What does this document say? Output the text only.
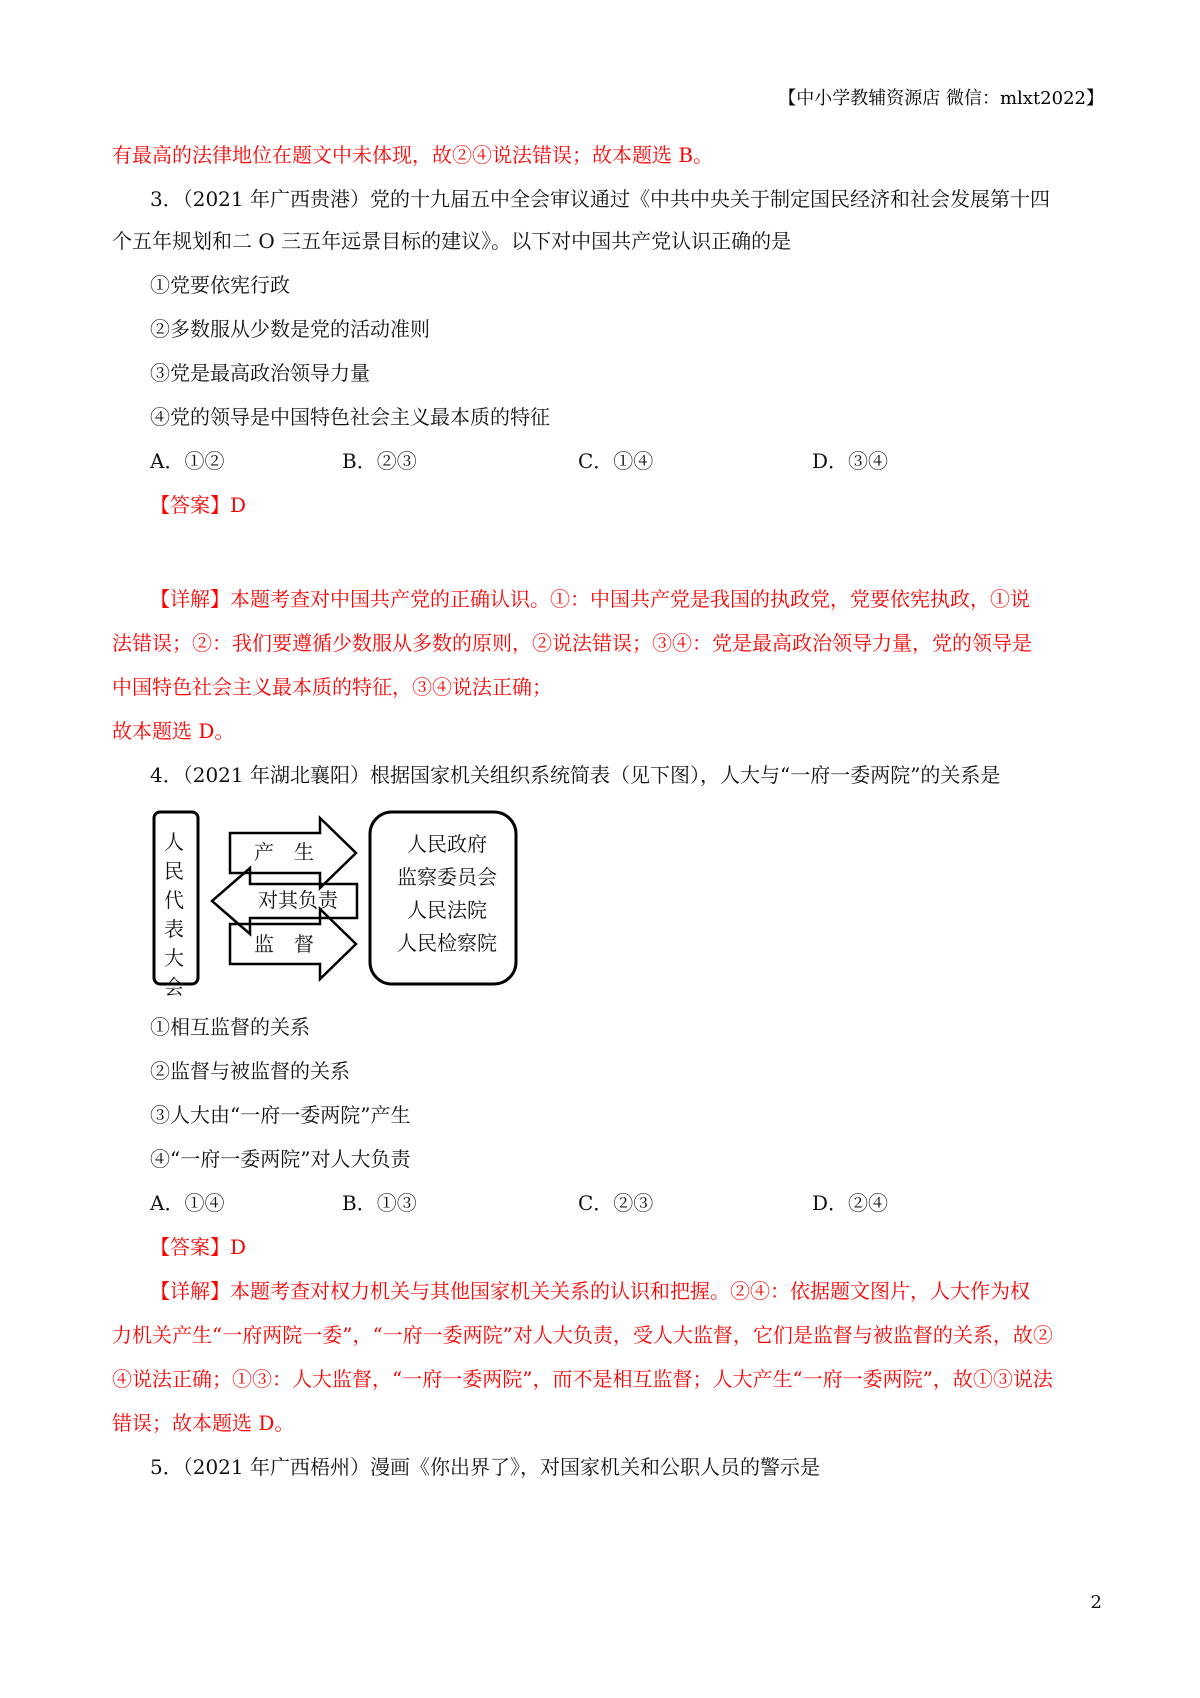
【中小学教辅资源店 微信：mlxt2022】
有最高的法律地位在题文中未体现，故②④说法错误；故本题选 B。
3．（2021 年广西贵港）党的十九届五中全会审议通过《中共中央关于制定国民经济和社会发展第十四
个五年规划和二 O 三五年远景目标的建议》。以下对中国共产党认识正确的是
①党要依宪行政
②多数服从少数是党的活动准则
③党是最高政治领导力量
④党的领导是中国特色社会主义最本质的特征
A．①②	B．②③	C．①④	D．③④
【答案】D
【详解】本题考查对中国共产党的正确认识。①：中国共产党是我国的执政党，党要依宪执政，①说
法错误；②：我们要遵循少数服从多数的原则，②说法错误；③④：党是最高政治领导力量，党的领导是
中国特色社会主义最本质的特征，③④说法正确；
故本题选 D。
4．（2021 年湖北襄阳）根据国家机关组织系统简表（见下图），人大与“一府一委两院”的关系是
人
民
代
表
大
会
产　生
对其负责
监　督
人民政府
监察委员会
人民法院
人民检察院
①相互监督的关系
②监督与被监督的关系
③人大由“一府一委两院”产生
④“一府一委两院”对人大负责
A．①④	B．①③	C．②③	D．②④
【答案】D
【详解】本题考查对权力机关与其他国家机关关系的认识和把握。②④：依据题文图片，人大作为权
力机关产生“一府两院一委”，“一府一委两院”对人大负责，受人大监督，它们是监督与被监督的关系，故②
④说法正确；①③：人大监督，“一府一委两院”，而不是相互监督；人大产生“一府一委两院”，故①③说法
错误；故本题选 D。
5．（2021 年广西梧州）漫画《你出界了》，对国家机关和公职人员的警示是
2
